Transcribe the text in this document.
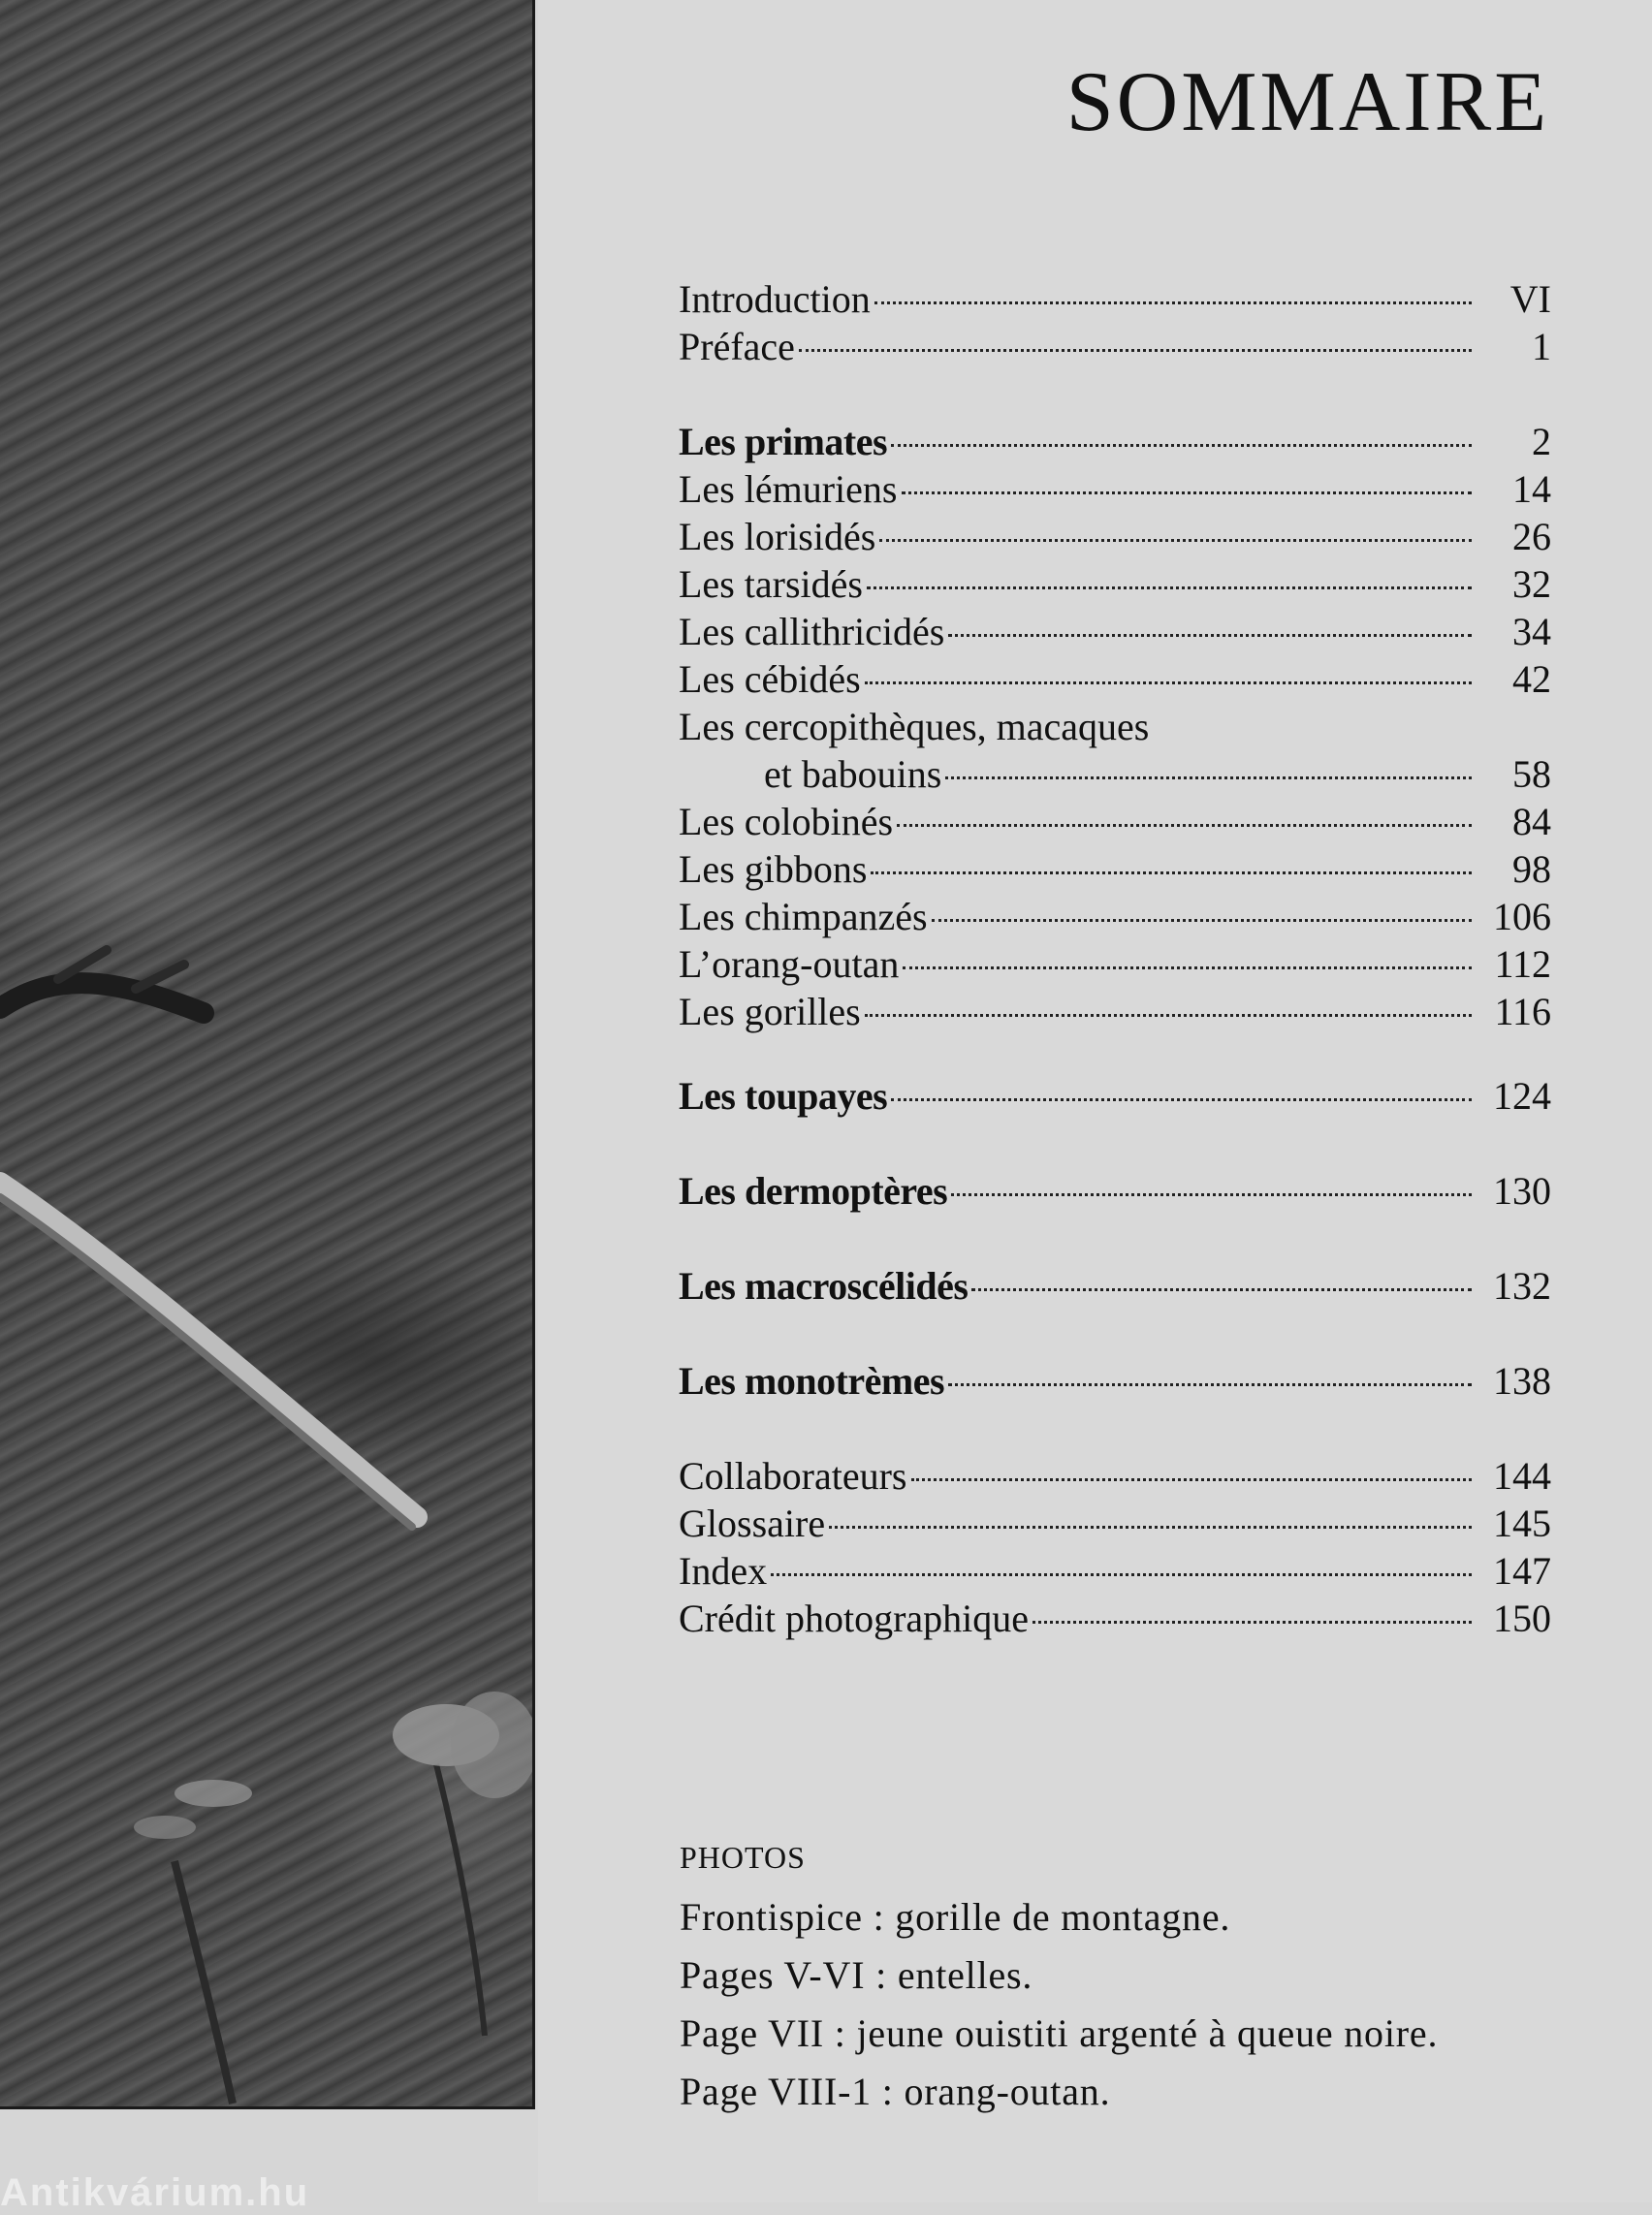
SOMMAIRE
Introduction	VI
Préface	1
Les primates	2
Les lémuriens	14
Les lorisidés	26
Les tarsidés	32
Les callithricidés	34
Les cébidés	42
Les cercopithèques, macaques
et babouins	58
Les colobinés	84
Les gibbons	98
Les chimpanzés	106
L’orang-outan	112
Les gorilles	116
Les toupayes	124
Les dermoptères	130
Les macroscélidés	132
Les monotrèmes	138
Collaborateurs	144
Glossaire	145
Index	147
Crédit photographique	150
PHOTOS
Frontispice : gorille de montagne.
Pages V-VI : entelles.
Page VII : jeune ouistiti argenté à queue noire.
Page VIII-1 : orang-outan.
Antikvárium.hu
